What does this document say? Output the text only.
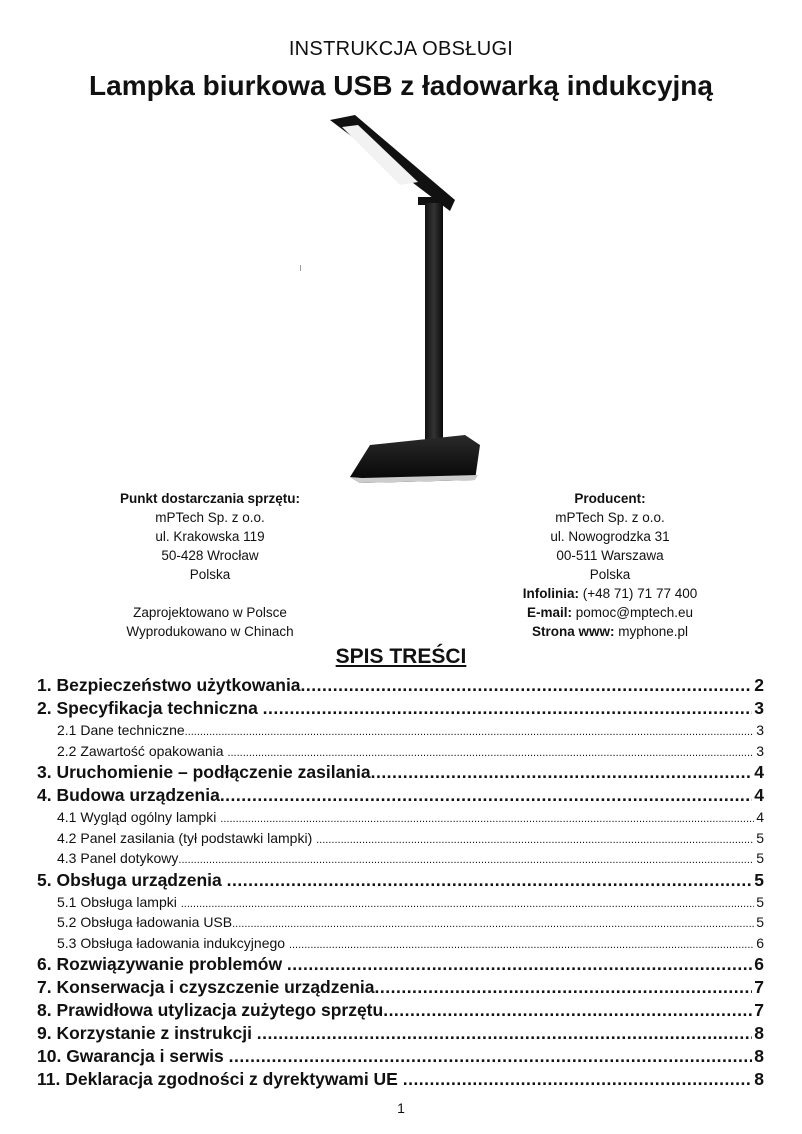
INSTRUKCJA OBSŁUGI
Lampka biurkowa USB z ładowarką indukcyjną
Punkt dostarczania sprzętu:
mPTech Sp. z o.o.
ul. Krakowska 119
50-428 Wrocław
Polska
Zaprojektowano w Polsce
Wyprodukowano w Chinach
Producent:
mPTech Sp. z o.o.
ul. Nowogrodzka 31
00-511 Warszawa
Polska
Infolinia: (+48 71) 71 77 400
E-mail: pomoc@mptech.eu
Strona www: myphone.pl
SPIS TREŚCI
1. Bezpieczeństwo użytkowania .....	2
2. Specyfikacja techniczna .....	3
2.1 Dane techniczne .....	3
2.2 Zawartość opakowania .....	3
3. Uruchomienie – podłączenie zasilania .....	4
4. Budowa urządzenia .....	4
4.1 Wygląd ogólny lampki .....	4
4.2 Panel zasilania (tył podstawki lampki) .....	5
4.3 Panel dotykowy .....	5
5. Obsługa urządzenia .....	5
5.1 Obsługa lampki .....	5
5.2 Obsługa ładowania USB .....	5
5.3 Obsługa ładowania indukcyjnego .....	6
6. Rozwiązywanie problemów .....	6
7. Konserwacja i czyszczenie urządzenia .....	7
8. Prawidłowa utylizacja zużytego sprzętu .....	7
9. Korzystanie z instrukcji .....	8
10. Gwarancja i serwis .....	8
11. Deklaracja zgodności z dyrektywami UE .....	8
1
